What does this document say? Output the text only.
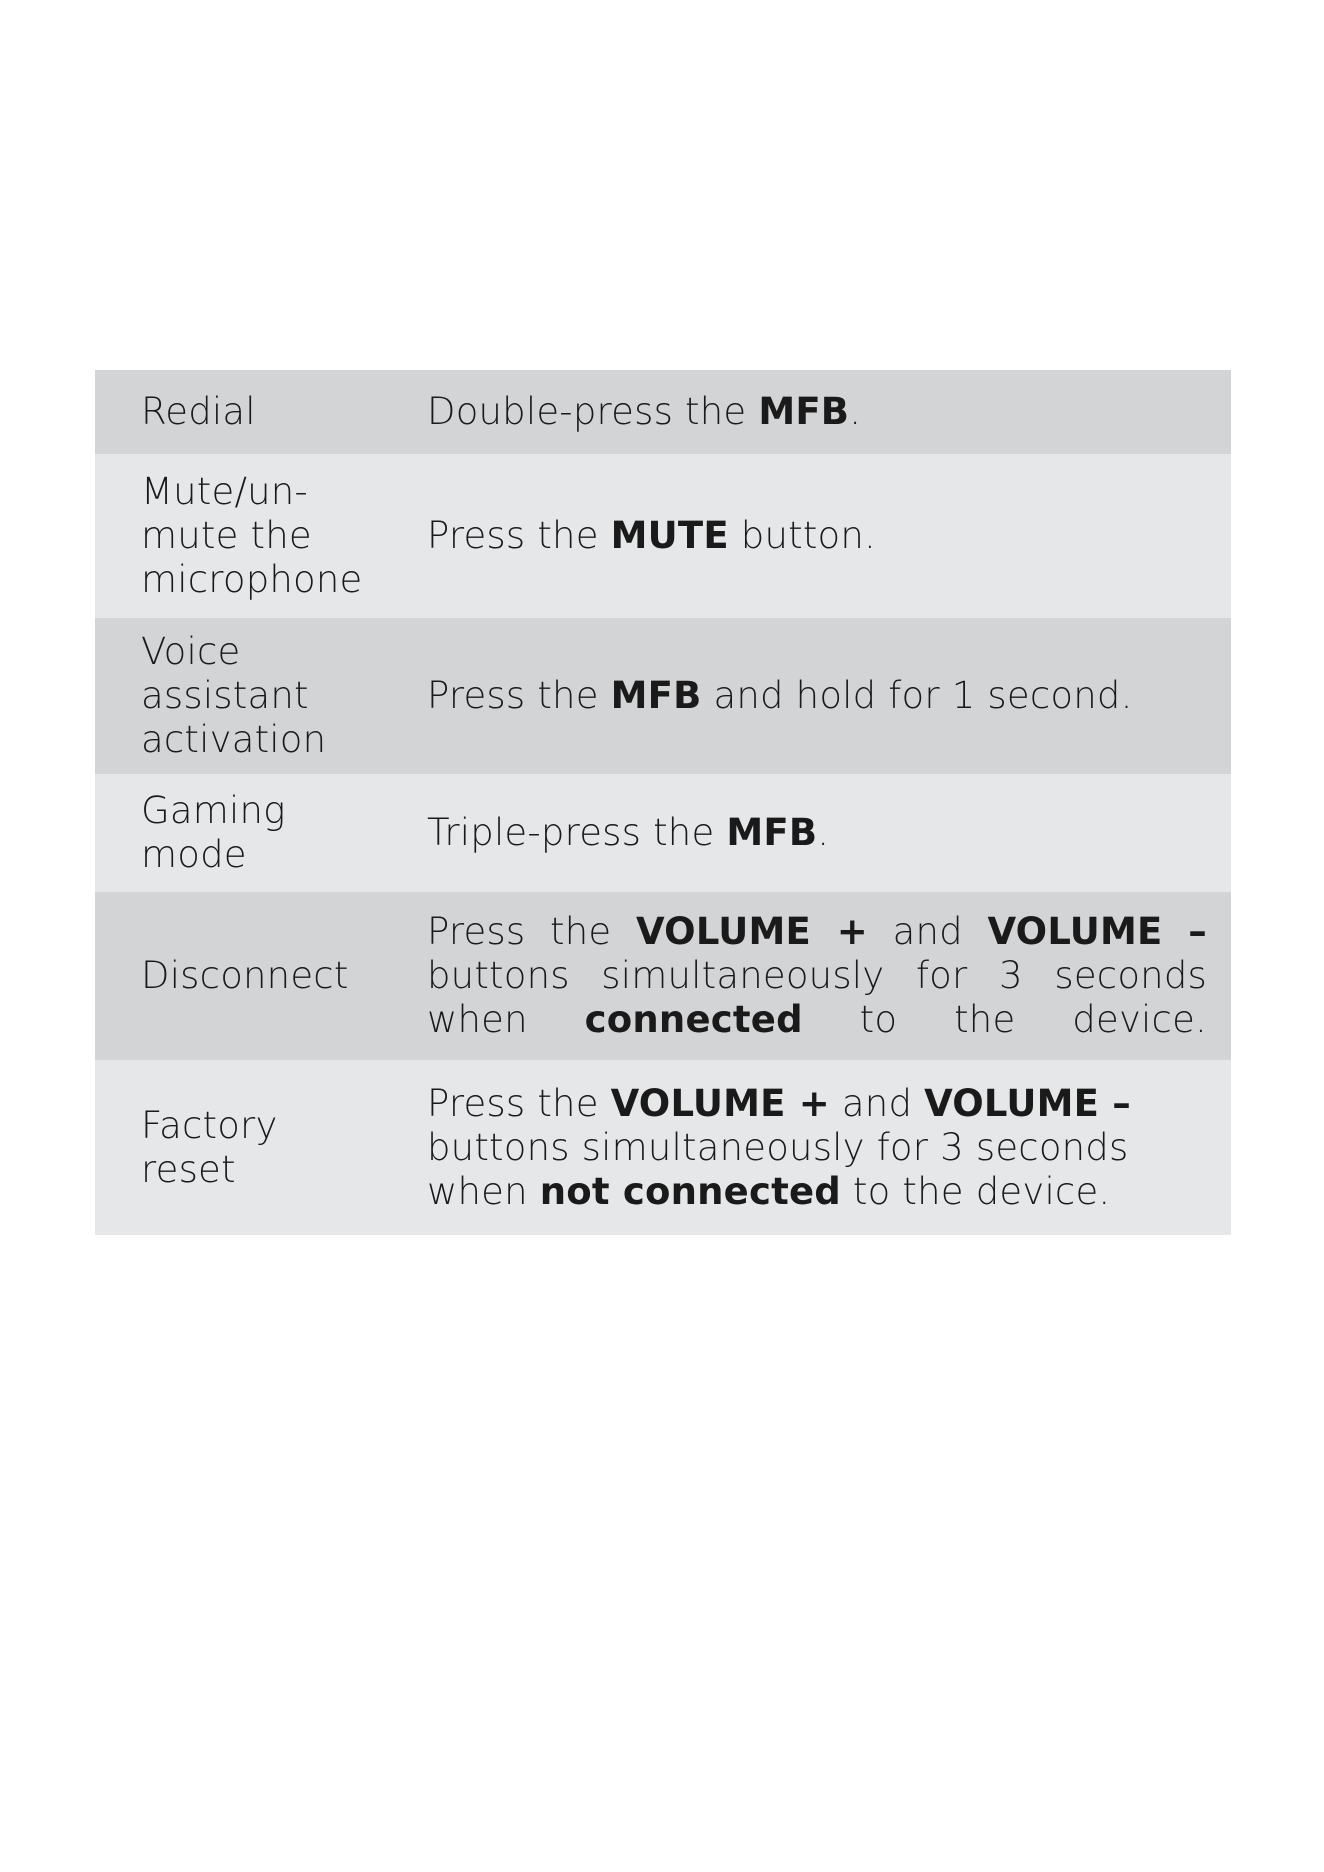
Redial	Double-press the MFB.
Mute/un-
mute the
microphone
Press the MUTE button.
Voice
assistant
activation
Press the MFB and hold for 1 second.
Gaming
mode
Triple-press the MFB.
Disconnect
Press the VOLUME + and VOLUME – buttons simultaneously for 3 seconds when connected to the device.
Factory
reset
Press the VOLUME + and VOLUME –
buttons simultaneously for 3 seconds
when not connected to the device.
